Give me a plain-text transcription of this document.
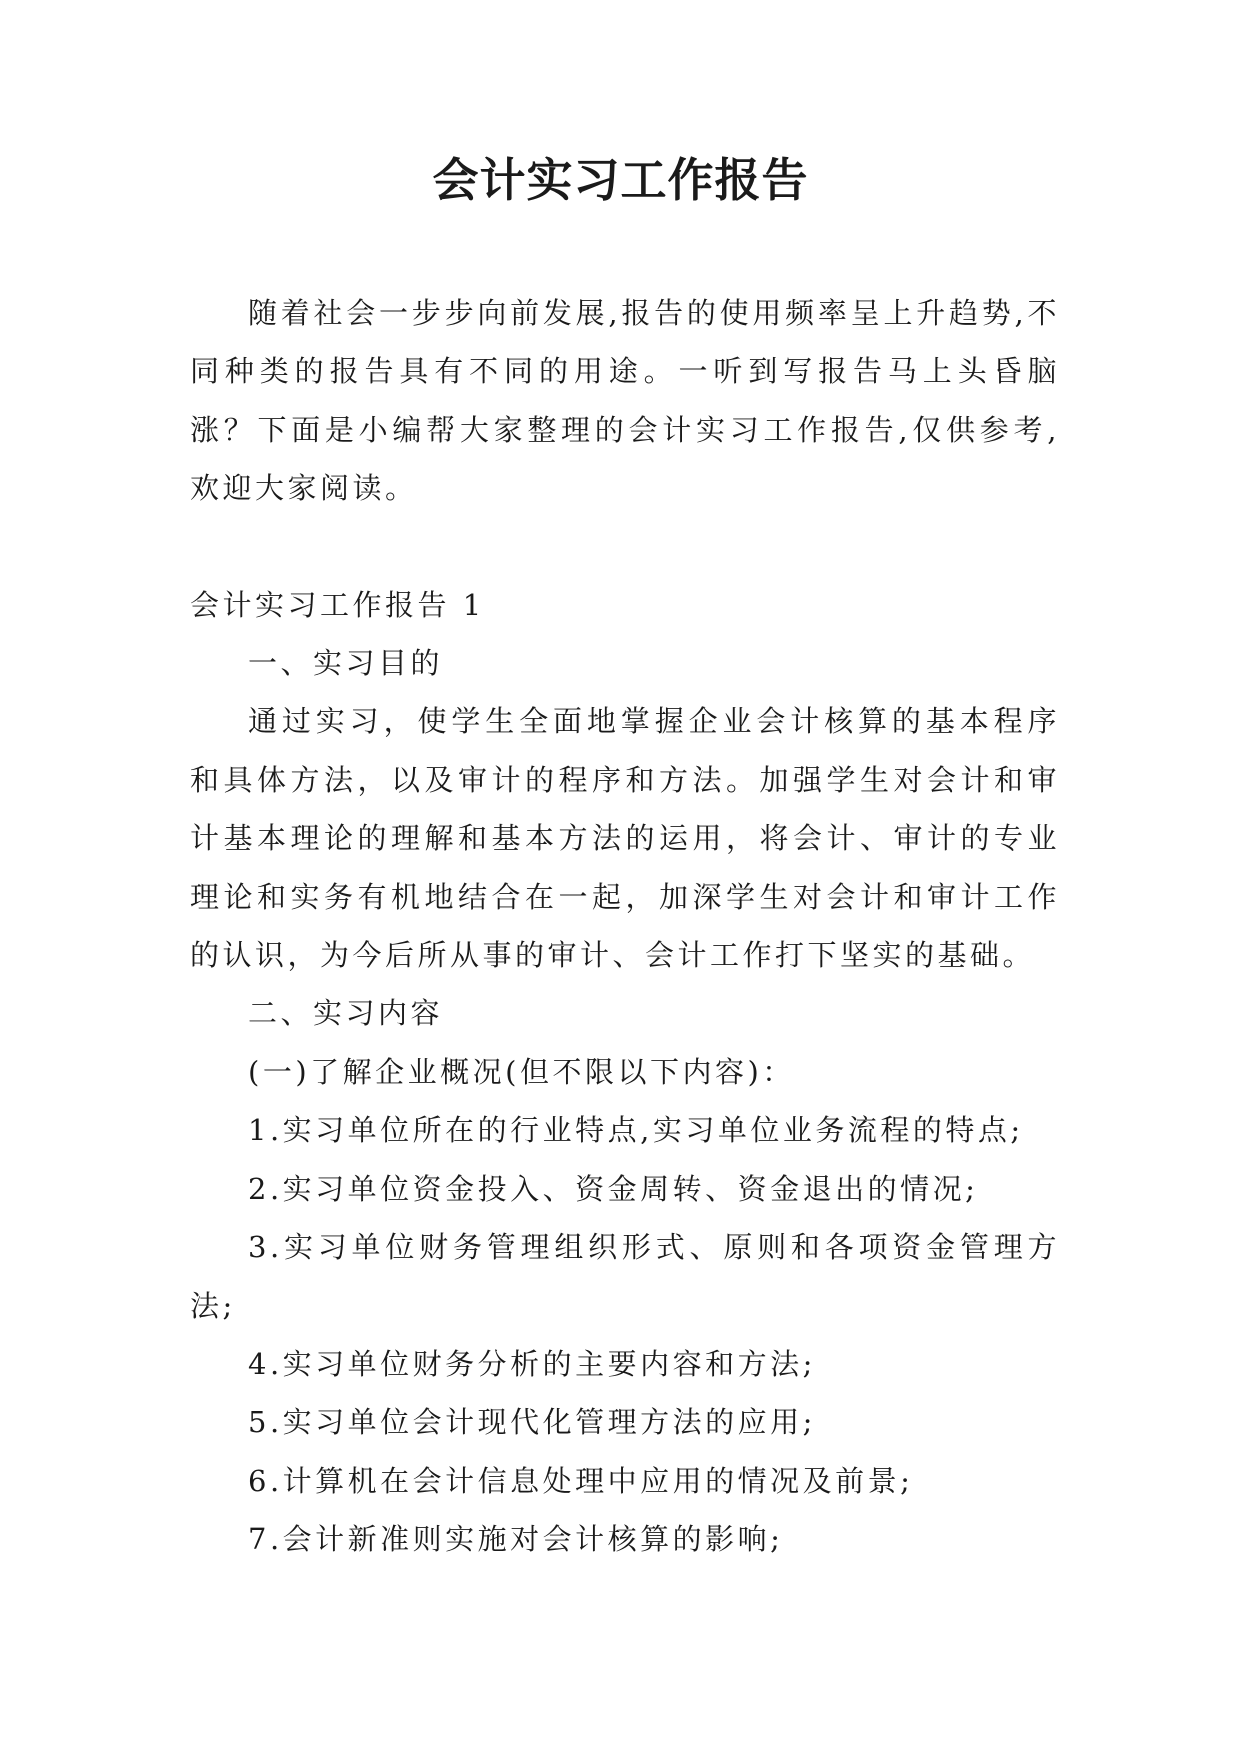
会计实习工作报告

随着社会一步步向前发展,报告的使用频率呈上升趋势,不同种类的报告具有不同的用途。一听到写报告马上头昏脑涨？下面是小编帮大家整理的会计实习工作报告,仅供参考,欢迎大家阅读。

会计实习工作报告 1

一、实习目的

通过实习，使学生全面地掌握企业会计核算的基本程序和具体方法，以及审计的程序和方法。加强学生对会计和审计基本理论的理解和基本方法的运用，将会计、审计的专业理论和实务有机地结合在一起，加深学生对会计和审计工作的认识，为今后所从事的审计、会计工作打下坚实的基础。

二、实习内容

(一)了解企业概况(但不限以下内容)：

1.实习单位所在的行业特点,实习单位业务流程的特点;

2.实习单位资金投入、资金周转、资金退出的情况;

3.实习单位财务管理组织形式、原则和各项资金管理方法;

4.实习单位财务分析的主要内容和方法;

5.实习单位会计现代化管理方法的应用;

6.计算机在会计信息处理中应用的情况及前景;

7.会计新准则实施对会计核算的影响;
